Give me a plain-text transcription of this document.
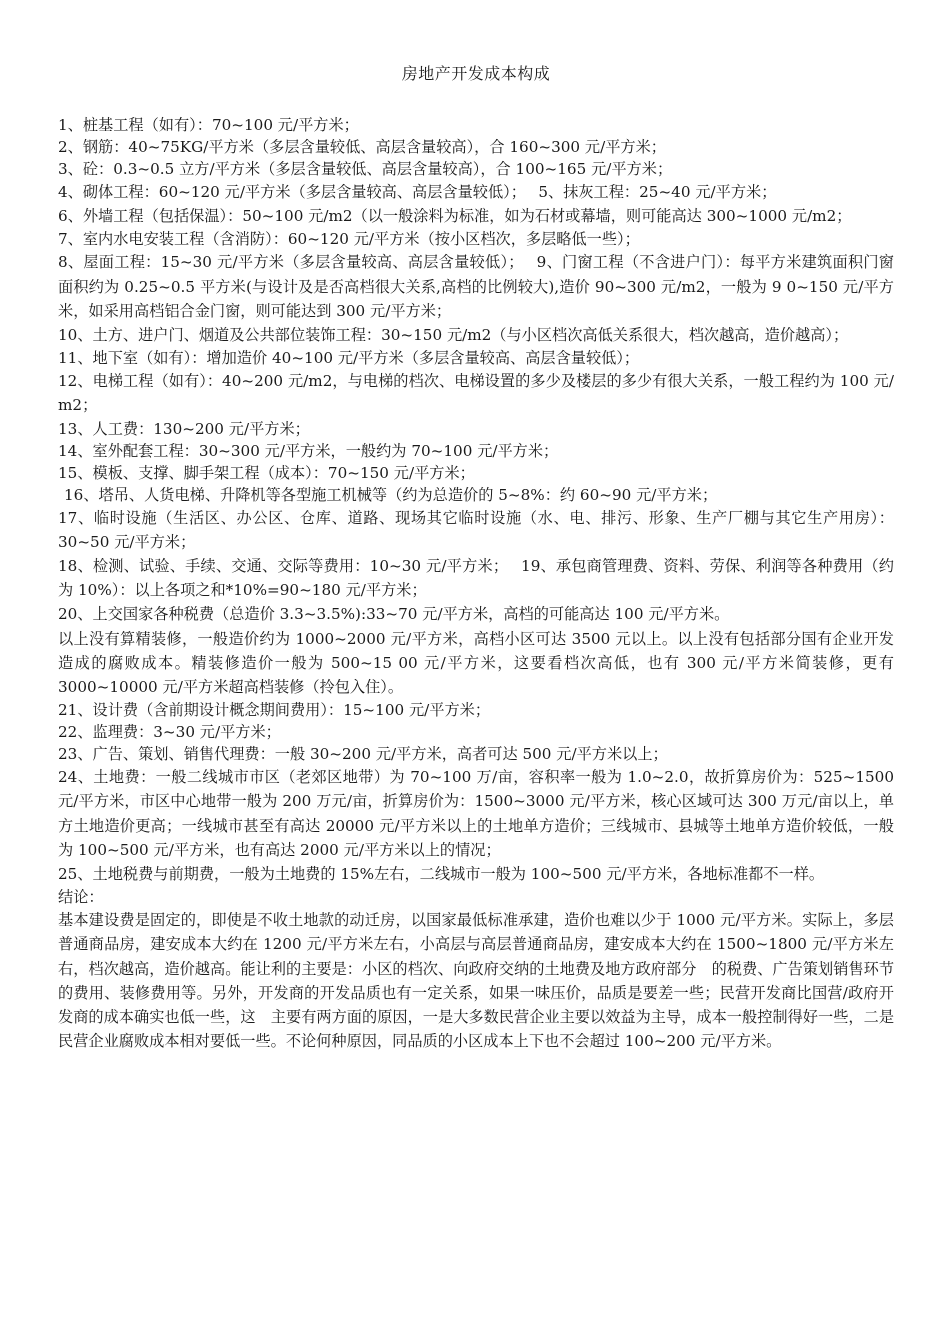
房地产开发成本构成

1、桩基工程（如有）：70~100 元/平方米；

2、钢筋：40~75KG/平方米（多层含量较低、高层含量较高），合 160~300 元/平方米；

3、砼：0.3~0.5 立方/平方米（多层含量较低、高层含量较高），合 100~165 元/平方米；

4、砌体工程：60~120 元/平方米（多层含量较高、高层含量较低）；　 5、抹灰工程：25~40 元/平方米；

6、外墙工程（包括保温）：50~100 元/m2（以一般涂料为标准，如为石材或幕墙，则可能高达 300~1000 元/m2；

7、室内水电安装工程（含消防）：60~120 元/平方米（按小区档次，多层略低一些）；

8、屋面工程：15~30 元/平方米（多层含量较高、高层含量较低）；　 9、门窗工程（不含进户门）：每平方米建筑面积门窗面积约为 0.25~0.5 平方米(与设计及是否高档很大关系,高档的比例较大),造价 90~300 元/m2，一般为 9 0~150 元/平方米，如采用高档铝合金门窗，则可能达到 300 元/平方米；

10、土方、进户门、烟道及公共部位装饰工程：30~150 元/m2（与小区档次高低关系很大，档次越高，造价越高）；

11、地下室（如有）：增加造价 40~100 元/平方米（多层含量较高、高层含量较低）；

12、电梯工程（如有）：40~200 元/m2，与电梯的档次、电梯设置的多少及楼层的多少有很大关系，一般工程约为 100 元/ m2；

13、人工费：130~200 元/平方米；

14、室外配套工程：30~300 元/平方米，一般约为 70~100 元/平方米；

15、模板、支撑、脚手架工程（成本）：70~150 元/平方米；

16、塔吊、人货电梯、升降机等各型施工机械等（约为总造价的 5~8%：约 60~90 元/平方米；

17、临时设施（生活区、办公区、仓库、道路、现场其它临时设施（水、电、排污、形象、生产厂棚与其它生产用房）：30~50 元/平方米；

18、检测、试验、手续、交通、交际等费用：10~30 元/平方米；　 19、承包商管理费、资料、劳保、利润等各种费用（约为 10%）：以上各项之和*10%=90~180 元/平方米；

20、上交国家各种税费（总造价 3.3~3.5%):33~70 元/平方米，高档的可能高达 100 元/平方米。

以上没有算精装修，一般造价约为 1000~2000 元/平方米，高档小区可达 3500 元以上。以上没有包括部分国有企业开发造成的腐败成本。精装修造价一般为 500~15 00 元/平方米，这要看档次高低，也有 300 元/平方米简装修，更有 3000~10000 元/平方米超高档装修（拎包入住）。

21、设计费（含前期设计概念期间费用）：15~100 元/平方米；

22、监理费：3~30 元/平方米；

23、广告、策划、销售代理费：一般 30~200 元/平方米，高者可达 500 元/平方米以上；

24、土地费：一般二线城市市区（老郊区地带）为 70~100 万/亩，容积率一般为 1.0~2.0，故折算房价为：525~1500 元/平方米，市区中心地带一般为 200 万元/亩，折算房价为：1500~3000 元/平方米，核心区域可达 300 万元/亩以上，单方土地造价更高；一线城市甚至有高达 20000 元/平方米以上的土地单方造价；三线城市、县城等土地单方造价较低，一般为 100~500 元/平方米，也有高达 2000 元/平方米以上的情况；

25、土地税费与前期费，一般为土地费的 15%左右，二线城市一般为 100~500 元/平方米，各地标准都不一样。

结论：

基本建设费是固定的，即使是不收土地款的动迁房，以国家最低标准承建，造价也难以少于 1000 元/平方米。实际上，多层普通商品房，建安成本大约在 1200 元/平方米左右，小高层与高层普通商品房，建安成本大约在 1500~1800 元/平方米左右，档次越高，造价越高。能让利的主要是：小区的档次、向政府交纳的土地费及地方政府部分　的税费、广告策划销售环节的费用、装修费用等。另外，开发商的开发品质也有一定关系，如果一味压价，品质是要差一些；民营开发商比国营/政府开发商的成本确实也低一些，这　主要有两方面的原因，一是大多数民营企业主要以效益为主导，成本一般控制得好一些，二是民营企业腐败成本相对要低一些。不论何种原因，同品质的小区成本上下也不会超过 100~200 元/平方米。
